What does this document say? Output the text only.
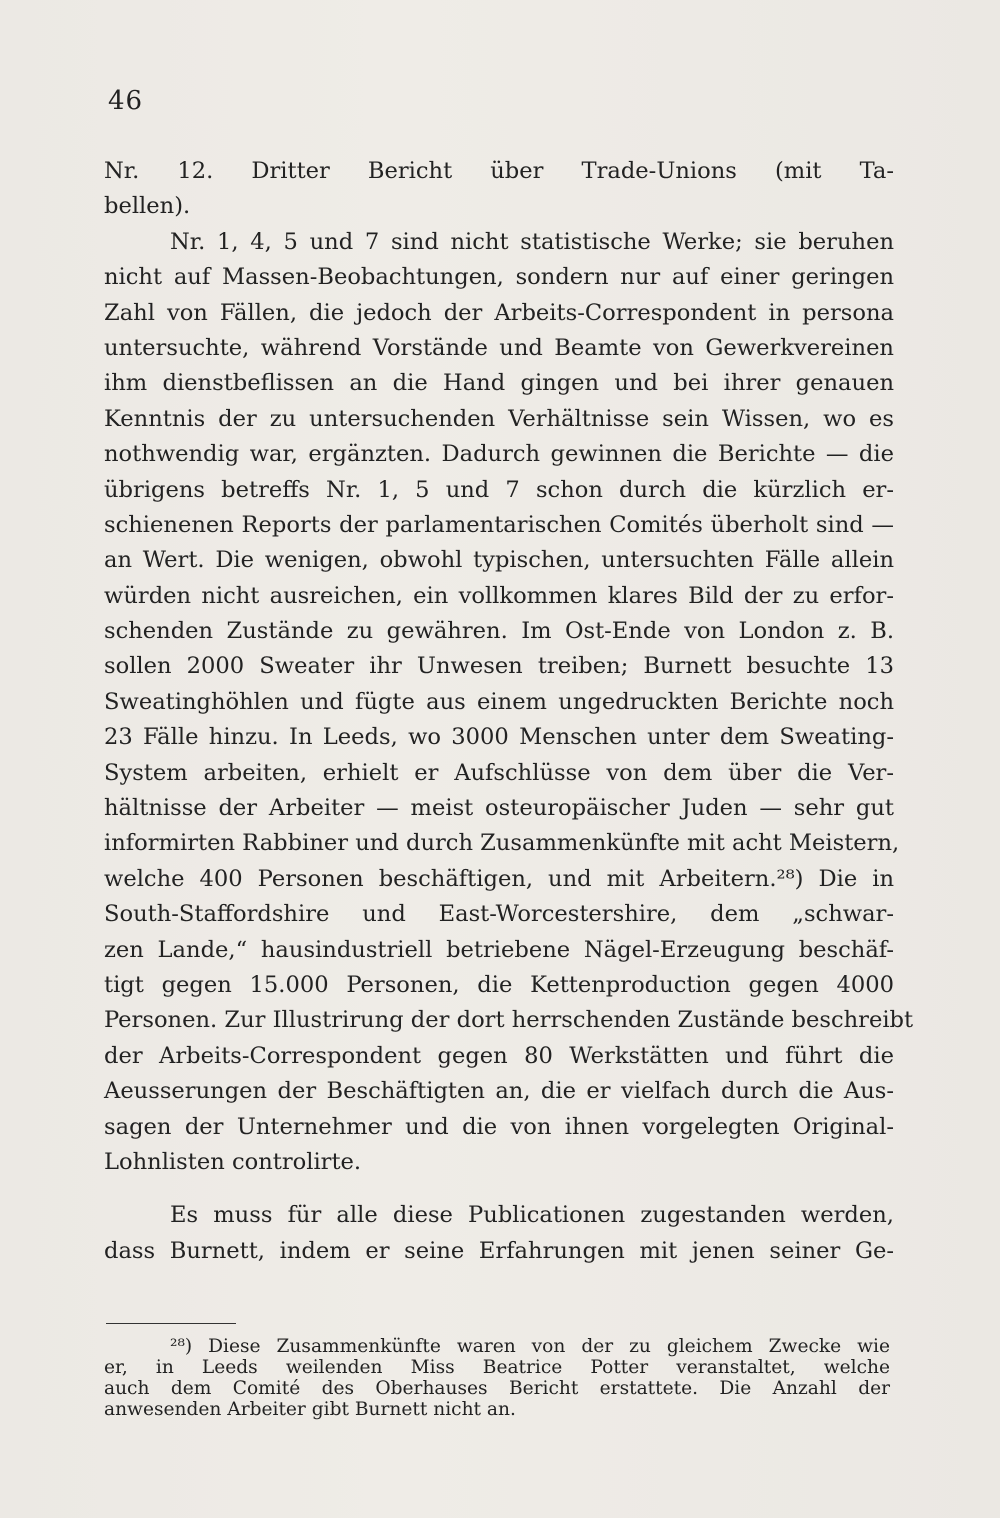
46
Nr. 12. Dritter Bericht über Trade-Unions (mit Ta-
bellen).
Nr. 1, 4, 5 und 7 sind nicht statistische Werke; sie beruhen
nicht auf Massen-Beobachtungen, sondern nur auf einer geringen
Zahl von Fällen, die jedoch der Arbeits-Correspondent in persona
untersuchte, während Vorstände und Beamte von Gewerkvereinen
ihm dienstbeflissen an die Hand gingen und bei ihrer genauen
Kenntnis der zu untersuchenden Verhältnisse sein Wissen, wo es
nothwendig war, ergänzten. Dadurch gewinnen die Berichte — die
übrigens betreffs Nr. 1, 5 und 7 schon durch die kürzlich er-
schienenen Reports der parlamentarischen Comités überholt sind —
an Wert. Die wenigen, obwohl typischen, untersuchten Fälle allein
würden nicht ausreichen, ein vollkommen klares Bild der zu erfor-
schenden Zustände zu gewähren. Im Ost-Ende von London z. B.
sollen 2000 Sweater ihr Unwesen treiben; Burnett besuchte 13
Sweatinghöhlen und fügte aus einem ungedruckten Berichte noch
23 Fälle hinzu. In Leeds, wo 3000 Menschen unter dem Sweating-
System arbeiten, erhielt er Aufschlüsse von dem über die Ver-
hältnisse der Arbeiter — meist osteuropäischer Juden — sehr gut
informirten Rabbiner und durch Zusammenkünfte mit acht Meistern,
welche 400 Personen beschäftigen, und mit Arbeitern.²⁸) Die in
South-Staffordshire und East-Worcestershire, dem „schwar-
zen Lande,“ hausindustriell betriebene Nägel-Erzeugung beschäf-
tigt gegen 15.000 Personen, die Kettenproduction gegen 4000
Personen. Zur Illustrirung der dort herrschenden Zustände beschreibt
der Arbeits-Correspondent gegen 80 Werkstätten und führt die
Aeusserungen der Beschäftigten an, die er vielfach durch die Aus-
sagen der Unternehmer und die von ihnen vorgelegten Original-
Lohnlisten controlirte.
Es muss für alle diese Publicationen zugestanden werden,
dass Burnett, indem er seine Erfahrungen mit jenen seiner Ge-
²⁸) Diese Zusammenkünfte waren von der zu gleichem Zwecke wie
er, in Leeds weilenden Miss Beatrice Potter veranstaltet, welche
auch dem Comité des Oberhauses Bericht erstattete. Die Anzahl der
anwesenden Arbeiter gibt Burnett nicht an.
